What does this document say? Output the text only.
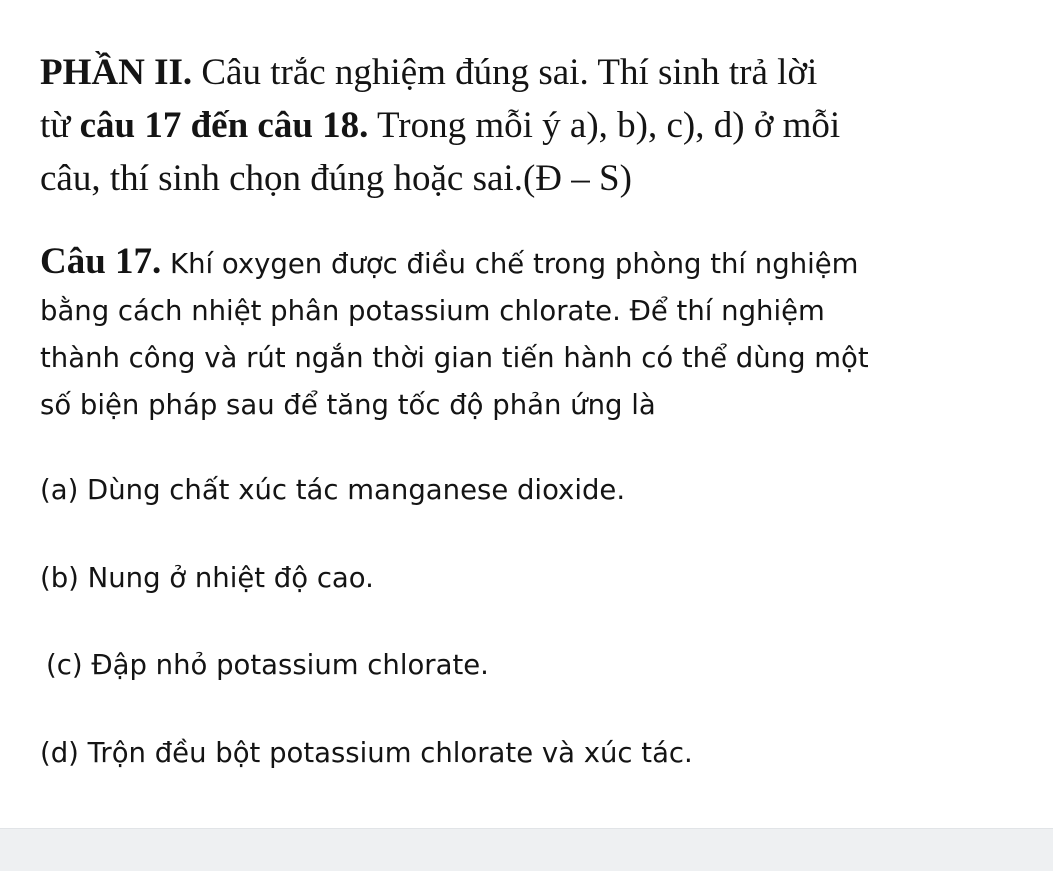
PHẦN II. Câu trắc nghiệm đúng sai. Thí sinh trả lời
từ câu 17 đến câu 18. Trong mỗi ý a), b), c), d) ở mỗi
câu, thí sinh chọn đúng hoặc sai.(Đ – S)

Câu 17. Khí oxygen được điều chế trong phòng thí nghiệm
bằng cách nhiệt phân potassium chlorate. Để thí nghiệm
thành công và rút ngắn thời gian tiến hành có thể dùng một
số biện pháp sau để tăng tốc độ phản ứng là

(a) Dùng chất xúc tác manganese dioxide.

(b) Nung ở nhiệt độ cao.

(c) Đập nhỏ potassium chlorate.

(d) Trộn đều bột potassium chlorate và xúc tác.
